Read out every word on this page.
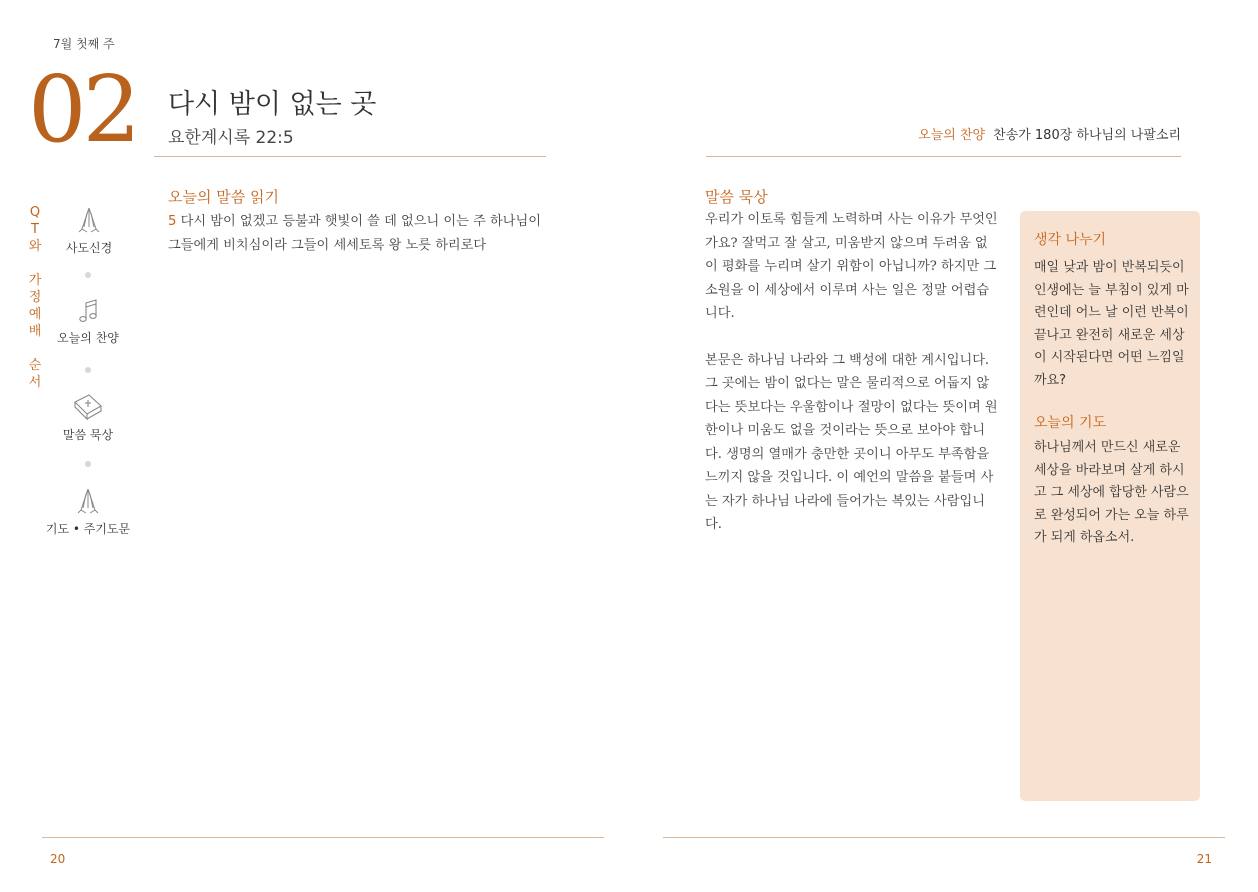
7월 첫째 주
02 다시 밤이 없는 곳
요한계시록 22:5	오늘의 찬양 찬송가 180장 하나님의 나팔소리
Q
T
와
가
정
예
배
순
서
사도신경
오늘의 찬양
말씀 묵상
기도 • 주기도문
오늘의 말씀 읽기
5 다시 밤이 없겠고 등불과 햇빛이 쓸 데 없으니 이는 주 하나님이 그들에게 비치심이라 그들이 세세토록 왕 노릇 하리로다
말씀 묵상

우리가 이토록 힘들게 노력하며 사는 이유가 무엇인가요? 잘먹고 잘 살고, 미움받지 않으며 두려움 없이 평화를 누리며 살기 위함이 아닙니까? 하지만 그 소원을 이 세상에서 이루며 사는 일은 정말 어렵습니다.

본문은 하나님 나라와 그 백성에 대한 계시입니다. 그 곳에는 밤이 없다는 말은 물리적으로 어둡지 않다는 뜻보다는 우울함이나 절망이 없다는 뜻이며 원한이나 미움도 없을 것이라는 뜻으로 보아야 합니다. 생명의 열매가 충만한 곳이니 아무도 부족함을 느끼지 않을 것입니다. 이 예언의 말씀을 붙들며 사는 자가 하나님 나라에 들어가는 복있는 사람입니다.

생각 나누기
매일 낮과 밤이 반복되듯이 인생에는 늘 부침이 있게 마련인데 어느 날 이런 반복이 끝나고 완전히 새로운 세상이 시작된다면 어떤 느낌일까요?
오늘의 기도
하나님께서 만드신 새로운 세상을 바라보며 살게 하시고 그 세상에 합당한 사람으로 완성되어 가는 오늘 하루가 되게 하옵소서.
20	21
